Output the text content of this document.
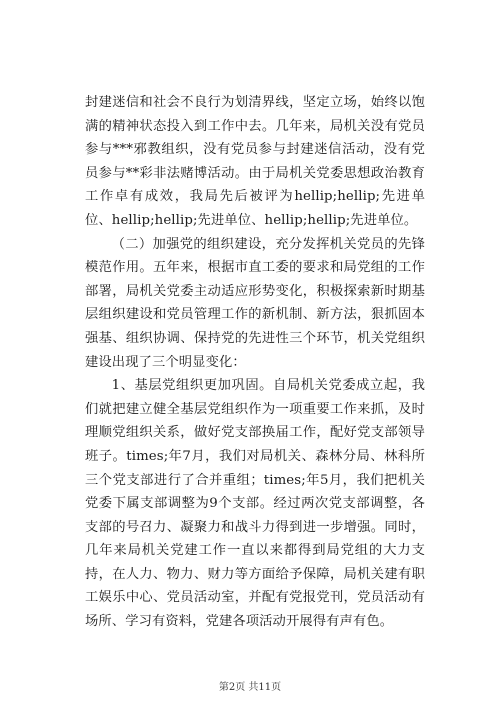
封建迷信和社会不良行为划清界线，坚定立场，始终以饱满的精神状态投入到工作中去。几年来，局机关没有党员参与***邪教组织，没有党员参与封建迷信活动，没有党员参与**彩非法赌博活动。由于局机关党委思想政治教育工作卓有成效，我局先后被评为hellip;hellip;先进单位、hellip;hellip;先进单位、hellip;hellip;先进单位。

（二）加强党的组织建设，充分发挥机关党员的先锋模范作用。五年来，根据市直工委的要求和局党组的工作部署，局机关党委主动适应形势变化，积极探索新时期基层组织建设和党员管理工作的新机制、新方法，狠抓固本强基、组织协调、保持党的先进性三个环节，机关党组织建设出现了三个明显变化：

1、基层党组织更加巩固。自局机关党委成立起，我们就把建立健全基层党组织作为一项重要工作来抓，及时理顺党组织关系，做好党支部换届工作，配好党支部领导班子。times;年7月，我们对局机关、森林分局、林科所三个党支部进行了合并重组；times;年5月，我们把机关党委下属支部调整为9个支部。经过两次党支部调整，各支部的号召力、凝聚力和战斗力得到进一步增强。同时，几年来局机关党建工作一直以来都得到局党组的大力支持，在人力、物力、财力等方面给予保障，局机关建有职工娱乐中心、党员活动室，并配有党报党刊，党员活动有场所、学习有资料，党建各项活动开展得有声有色。

第2页 共11页
